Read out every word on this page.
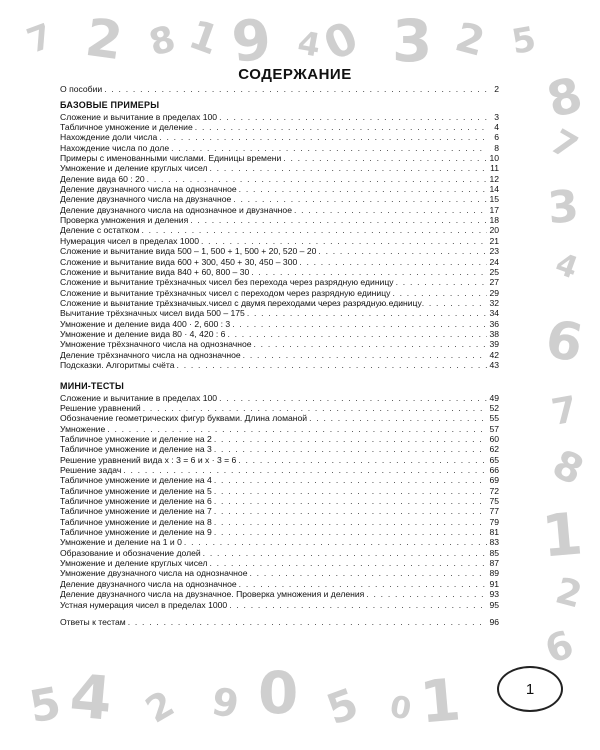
7 2 8 1 9 4
0 3 2 5
8
7
3
4
6
7
8
1
2
6
5 4 2 9 0 5 0 1
СОДЕРЖАНИЕ
О пособии . . .	2
БАЗОВЫЕ ПРИМЕРЫ
Сложение и вычитание в пределах 100 . . .	3
Табличное умножение и деление . . .	4
Нахождение доли числа . . .	6
Нахождение числа по доле . . .	8
Примеры с именованными числами. Единицы времени . . .	10
Умножение и деление круглых чисел . . .	11
Деление вида 60 : 20 . . .	12
Деление двузначного числа на однозначное . . .	14
Деление двузначного числа на двузначное . . .	15
Деление двузначного числа на однозначное и двузначное . . .	17
Проверка умножения и деления . . .	18
Деление с остатком . . .	20
Нумерация чисел в пределах 1000 . . .	21
Сложение и вычитание вида 500 – 1, 500 + 1, 500 + 20, 520 – 20 . . .	23
Сложение и вычитание вида 600 + 300, 450 + 30, 450 – 300 . . .	24
Сложение и вычитание вида 840 + 60, 800 – 30 . . .	25
Сложение и вычитание трёхзначных чисел без перехода через разрядную единицу . . .	27
Сложение и вычитание трёхзначных чисел с переходом через разрядную единицу . . .	29
Сложение и вычитание трёхзначных чисел с двумя переходами через разрядную единицу . . .	32
Вычитание трёхзначных чисел вида 500 – 175 . . .	34
Умножение и деление вида 400 · 2, 600 : 3 . . .	36
Умножение и деление вида 80 · 4, 420 : 6 . . .	38
Умножение трёхзначного числа на однозначное . . .	39
Деление трёхзначного числа на однозначное . . .	42
Подсказки. Алгоритмы счёта . . .	43
МИНИ-ТЕСТЫ
Сложение и вычитание в пределах 100 . . .	49
Решение уравнений . . .	52
Обозначение геометрических фигур буквами. Длина ломаной . . .	55
Умножение . . .	57
Табличное умножение и деление на 2 . . .	60
Табличное умножение и деление на 3 . . .	62
Решение уравнений вида x : 3 = 6 и x · 3 = 6 . . .	65
Решение задач . . .	66
Табличное умножение и деление на 4 . . .	69
Табличное умножение и деление на 5 . . .	72
Табличное умножение и деление на 6 . . .	75
Табличное умножение и деление на 7 . . .	77
Табличное умножение и деление на 8 . . .	79
Табличное умножение и деление на 9 . . .	81
Умножение и деление на 1 и 0 . . .	83
Образование и обозначение долей . . .	85
Умножение и деление круглых чисел . . .	87
Умножение двузначного числа на однозначное . . .	89
Деление двузначного числа на однозначное . . .	91
Деление двузначного числа на двузначное. Проверка умножения и деления . . .	93
Устная нумерация чисел в пределах 1000 . . .	95
Ответы к тестам . . .	96
1
